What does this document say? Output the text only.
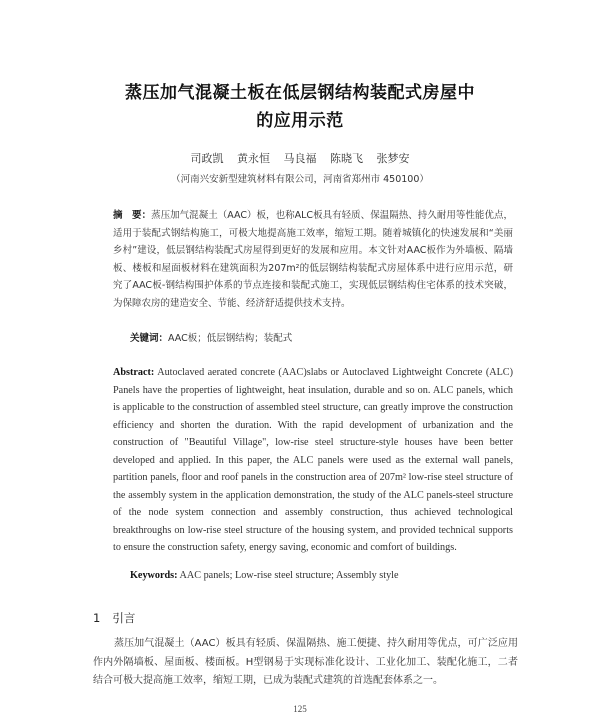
蒸压加气混凝土板在低层钢结构装配式房屋中
的应用示范
司政凯 黄永恒 马良福 陈晓飞 张梦安
（河南兴安新型建筑材料有限公司，河南省郑州市 450100）
摘　要：蒸压加气混凝土（AAC）板，也称ALC板具有轻质、保温隔热、持久耐用等性能优点，适用于装配式钢结构施工，可极大地提高施工效率，缩短工期。随着城镇化的快速发展和“美丽乡村”建设，低层钢结构装配式房屋得到更好的发展和应用。本文针对AAC板作为外墙板、隔墙板、楼板和屋面板材料在建筑面积为207m²的低层钢结构装配式房屋体系中进行应用示范，研究了AAC板-钢结构围护体系的节点连接和装配式施工，实现低层钢结构住宅体系的技术突破，为保障农房的建造安全、节能、经济舒适提供技术支持。
关键词：AAC板；低层钢结构；装配式
Abstract: Autoclaved aerated concrete (AAC)slabs or Autoclaved Lightweight Concrete (ALC) Panels have the properties of lightweight, heat insulation, durable and so on. ALC panels, which is applicable to the construction of assembled steel structure, can greatly improve the construction efficiency and shorten the duration. With the rapid development of urbanization and the construction of "Beautiful Village", low-rise steel structure-style houses have been better developed and applied. In this paper, the ALC panels were used as the external wall panels, partition panels, floor and roof panels in the construction area of 207m² low-rise steel structure of the assembly system in the application demonstration, the study of the ALC panels-steel structure of the node system connection and assembly construction, thus achieved technological breakthroughs on low-rise steel structure of the housing system, and provided technical supports to ensure the construction safety, energy saving, economic and comfort of buildings.
Keywords: AAC panels; Low-rise steel structure; Assembly style
1 引言
蒸压加气混凝土（AAC）板具有轻质、保温隔热、施工便捷、持久耐用等优点，可广泛应用作内外隔墙板、屋面板、楼面板。H型钢易于实现标准化设计、工业化加工、装配化施工，二者结合可极大提高施工效率，缩短工期，已成为装配式建筑的首选配套体系之一。
125
